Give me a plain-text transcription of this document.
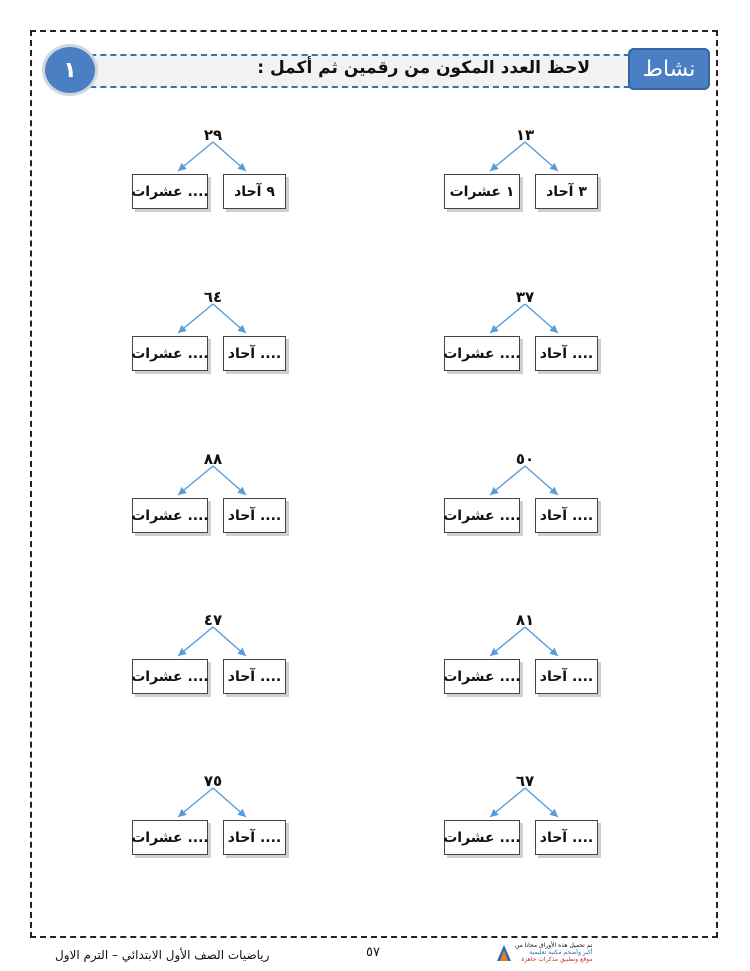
لاحظ العدد المكون من رقمين ثم أكمل :	نشاط
١
١٣
١ عشرات	٣ آحاد
٢٩
.... عشرات	٩ آحاد
٣٧
.... عشرات	.... آحاد
٦٤
.... عشرات	.... آحاد
٥٠
.... عشرات	.... آحاد
٨٨
.... عشرات	.... آحاد
٨١
.... عشرات	.... آحاد
٤٧
.... عشرات	.... آحاد
٦٧
.... عشرات	.... آحاد
٧٥
.... عشرات	.... آحاد
رياضيات الصف الأول الابتدائي – الترم الاول	٥٧	تم تحميل هذه الأوراق مجانا من
أكبر وأضخم مكتبة تعليمية
موقع وتطبيق مذكرات جاهزة
